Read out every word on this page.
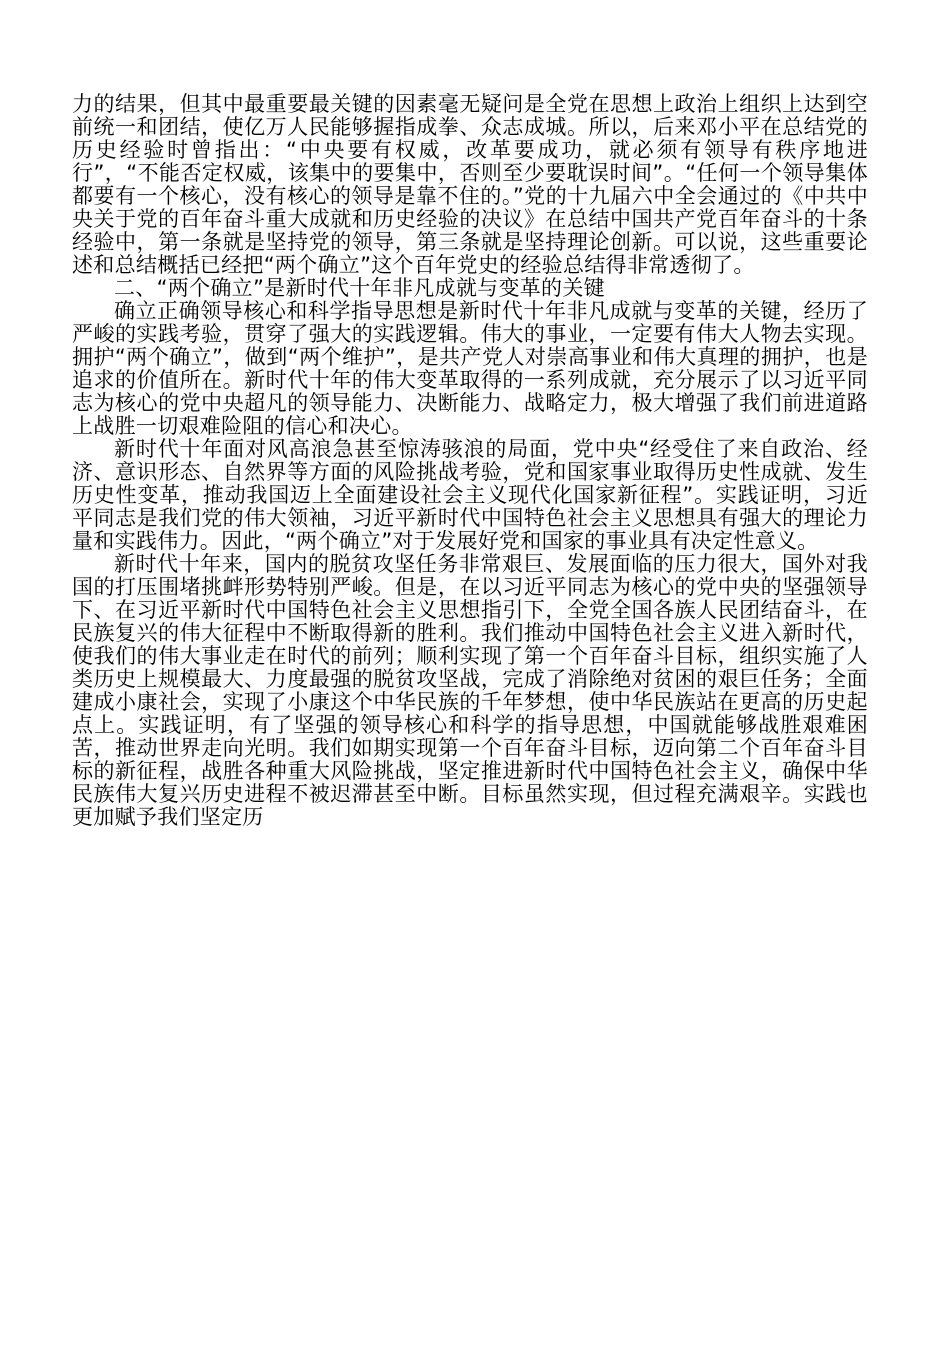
力的结果，但其中最重要最关键的因素毫无疑问是全党在思想上政治上组织上达到空前统一和团结，使亿万人民能够握指成拳、众志成城。所以，后来邓小平在总结党的历史经验时曾指出：“中央要有权威，改革要成功，就必须有领导有秩序地进行”，“不能否定权威，该集中的要集中，否则至少要耽误时间”。“任何一个领导集体都要有一个核心，没有核心的领导是靠不住的。”党的十九届六中全会通过的《中共中央关于党的百年奋斗重大成就和历史经验的决议》在总结中国共产党百年奋斗的十条经验中，第一条就是坚持党的领导，第三条就是坚持理论创新。可以说，这些重要论述和总结概括已经把“两个确立”这个百年党史的经验总结得非常透彻了。

二、“两个确立”是新时代十年非凡成就与变革的关键

确立正确领导核心和科学指导思想是新时代十年非凡成就与变革的关键，经历了严峻的实践考验，贯穿了强大的实践逻辑。伟大的事业，一定要有伟大人物去实现。拥护“两个确立”，做到“两个维护”，是共产党人对崇高事业和伟大真理的拥护，也是追求的价值所在。新时代十年的伟大变革取得的一系列成就，充分展示了以习近平同志为核心的党中央超凡的领导能力、决断能力、战略定力，极大增强了我们前进道路上战胜一切艰难险阻的信心和决心。

新时代十年面对风高浪急甚至惊涛骇浪的局面，党中央“经受住了来自政治、经济、意识形态、自然界等方面的风险挑战考验，党和国家事业取得历史性成就、发生历史性变革，推动我国迈上全面建设社会主义现代化国家新征程”。实践证明，习近平同志是我们党的伟大领袖，习近平新时代中国特色社会主义思想具有强大的理论力量和实践伟力。因此，“两个确立”对于发展好党和国家的事业具有决定性意义。

新时代十年来，国内的脱贫攻坚任务非常艰巨、发展面临的压力很大，国外对我国的打压围堵挑衅形势特别严峻。但是，在以习近平同志为核心的党中央的坚强领导下、在习近平新时代中国特色社会主义思想指引下，全党全国各族人民团结奋斗，在民族复兴的伟大征程中不断取得新的胜利。我们推动中国特色社会主义进入新时代，使我们的伟大事业走在时代的前列；顺利实现了第一个百年奋斗目标，组织实施了人类历史上规模最大、力度最强的脱贫攻坚战，完成了消除绝对贫困的艰巨任务；全面建成小康社会，实现了小康这个中华民族的千年梦想，使中华民族站在更高的历史起点上。实践证明，有了坚强的领导核心和科学的指导思想，中国就能够战胜艰难困苦，推动世界走向光明。我们如期实现第一个百年奋斗目标，迈向第二个百年奋斗目标的新征程，战胜各种重大风险挑战，坚定推进新时代中国特色社会主义，确保中华民族伟大复兴历史进程不被迟滞甚至中断。目标虽然实现，但过程充满艰辛。实践也更加赋予我们坚定历
